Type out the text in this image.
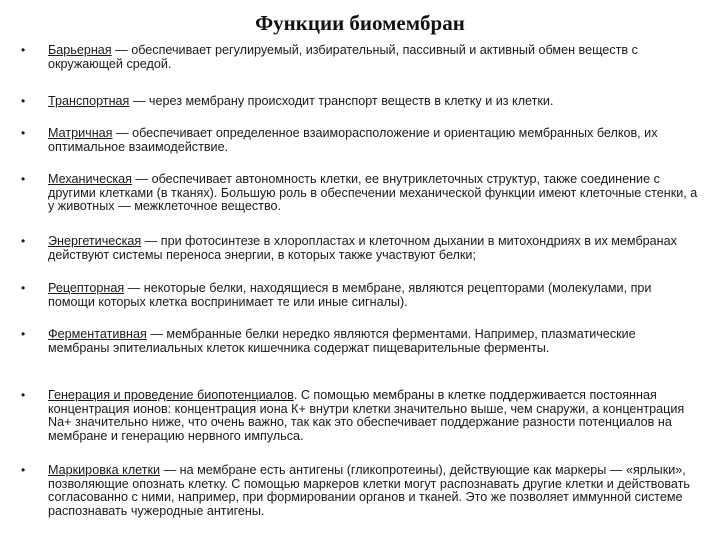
Функции биомембран
• Барьерная — обеспечивает регулируемый, избирательный, пассивный и активный обмен веществ с окружающей средой.
• Транспортная — через мембрану происходит транспорт веществ в клетку и из клетки.
• Матричная — обеспечивает определенное взаиморасположение и ориентацию мембранных белков, их оптимальное взаимодействие.
• Механическая — обеспечивает автономность клетки, ее внутриклеточных структур, также соединение с другими клетками (в тканях). Большую роль в обеспечении механической функции имеют клеточные стенки, а у животных — межклеточное вещество.
• Энергетическая — при фотосинтезе в хлоропластах и клеточном дыхании в митохондриях в их мембранах действуют системы переноса энергии, в которых также участвуют белки;
• Рецепторная — некоторые белки, находящиеся в мембране, являются рецепторами (молекулами, при помощи которых клетка воспринимает те или иные сигналы).
• Ферментативная — мембранные белки нередко являются ферментами. Например, плазматические мембраны эпителиальных клеток кишечника содержат пищеварительные ферменты.
• Генерация и проведение биопотенциалов. С помощью мембраны в клетке поддерживается постоянная концентрация ионов: концентрация иона К+ внутри клетки значительно выше, чем снаружи, а концентрация Na+ значительно ниже, что очень важно, так как это обеспечивает поддержание разности потенциалов на мембране и генерацию нервного импульса.
• Маркировка клетки — на мембране есть антигены (гликопротеины), действующие как маркеры — «ярлыки», позволяющие опознать клетку. С помощью маркеров клетки могут распознавать другие клетки и действовать согласованно с ними, например, при формировании органов и тканей. Это же позволяет иммунной системе распознавать чужеродные антигены.
